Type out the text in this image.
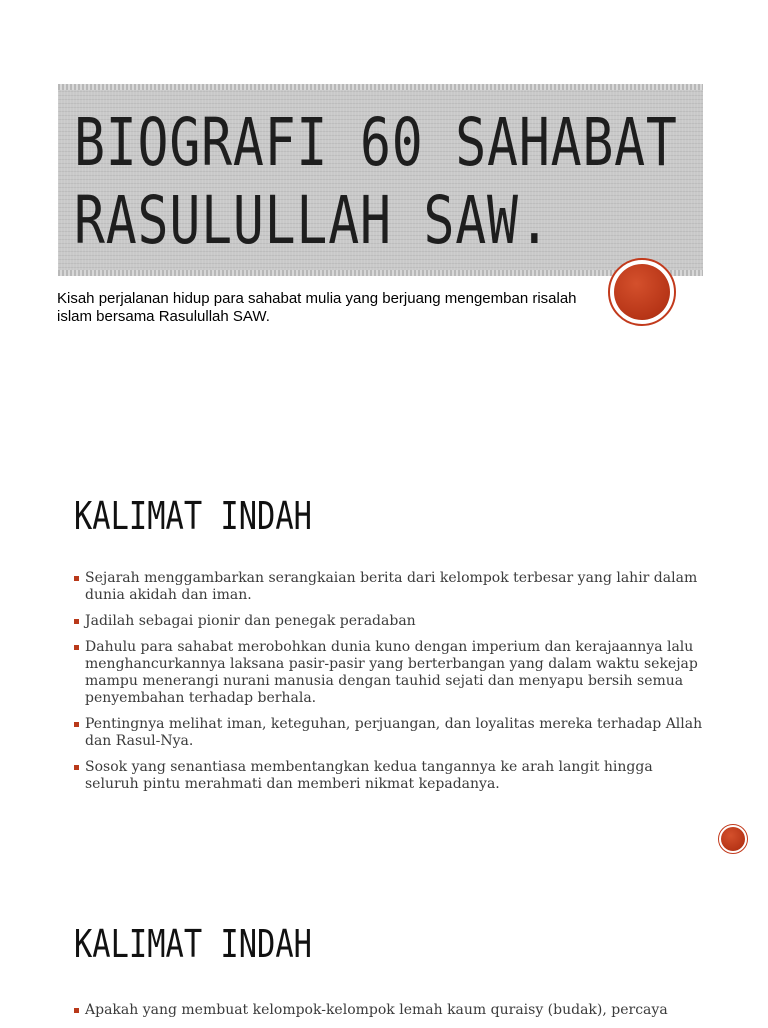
BIOGRAFI 60 SAHABAT
RASULULLAH SAW.

Kisah perjalanan hidup para sahabat mulia yang berjuang mengemban risalah islam bersama Rasulullah SAW.

KALIMAT INDAH
Sejarah menggambarkan serangkaian berita dari kelompok terbesar yang lahir dalam dunia akidah dan iman.
Jadilah sebagai pionir dan penegak peradaban
Dahulu para sahabat merobohkan dunia kuno dengan imperium dan kerajaannya lalu menghancurkannya laksana pasir-pasir yang berterbangan yang dalam waktu sekejap mampu menerangi nurani manusia dengan tauhid sejati dan menyapu bersih semua penyembahan terhadap berhala.
Pentingnya melihat iman, keteguhan, perjuangan, dan loyalitas mereka terhadap Allah dan Rasul-Nya.
Sosok yang senantiasa membentangkan kedua tangannya ke arah langit hingga seluruh pintu merahmati dan memberi nikmat kepadanya.
KALIMAT INDAH
Apakah yang membuat kelompok-kelompok lemah kaum quraisy (budak), percaya
